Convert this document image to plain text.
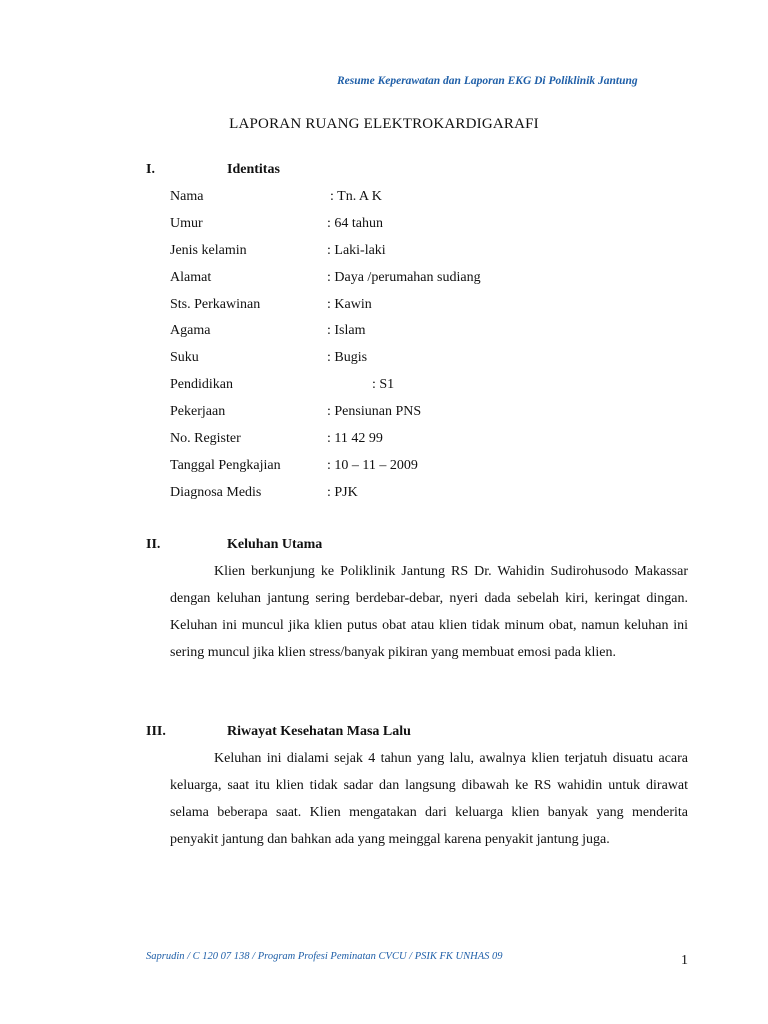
Resume Keperawatan dan Laporan EKG Di Poliklinik Jantung
LAPORAN RUANG ELEKTROKARDIGARAFI
I.	Identitas
Nama	: Tn. A K
Umur	: 64 tahun
Jenis kelamin	: Laki-laki
Alamat	: Daya /perumahan sudiang
Sts. Perkawinan	: Kawin
Agama	: Islam
Suku	: Bugis
Pendidikan	: S1
Pekerjaan	: Pensiunan PNS
No. Register	: 11 42 99
Tanggal Pengkajian	: 10 – 11 – 2009
Diagnosa Medis	: PJK
II.	Keluhan Utama
Klien berkunjung ke Poliklinik Jantung RS Dr. Wahidin Sudirohusodo Makassar dengan keluhan jantung sering berdebar-debar, nyeri dada sebelah kiri, keringat dingan. Keluhan ini muncul jika klien putus obat atau klien tidak minum obat, namun keluhan ini sering muncul jika klien stress/banyak pikiran yang membuat emosi pada klien.
III.	Riwayat Kesehatan Masa Lalu
Keluhan ini dialami sejak 4 tahun yang lalu, awalnya klien terjatuh disuatu acara keluarga, saat itu klien tidak sadar dan langsung dibawah ke RS wahidin untuk dirawat selama beberapa saat. Klien mengatakan dari keluarga klien banyak yang menderita penyakit jantung dan bahkan ada yang meinggal karena penyakit jantung juga.
Saprudin / C 120 07 138 / Program Profesi Peminatan CVCU / PSIK FK UNHAS 09	1
